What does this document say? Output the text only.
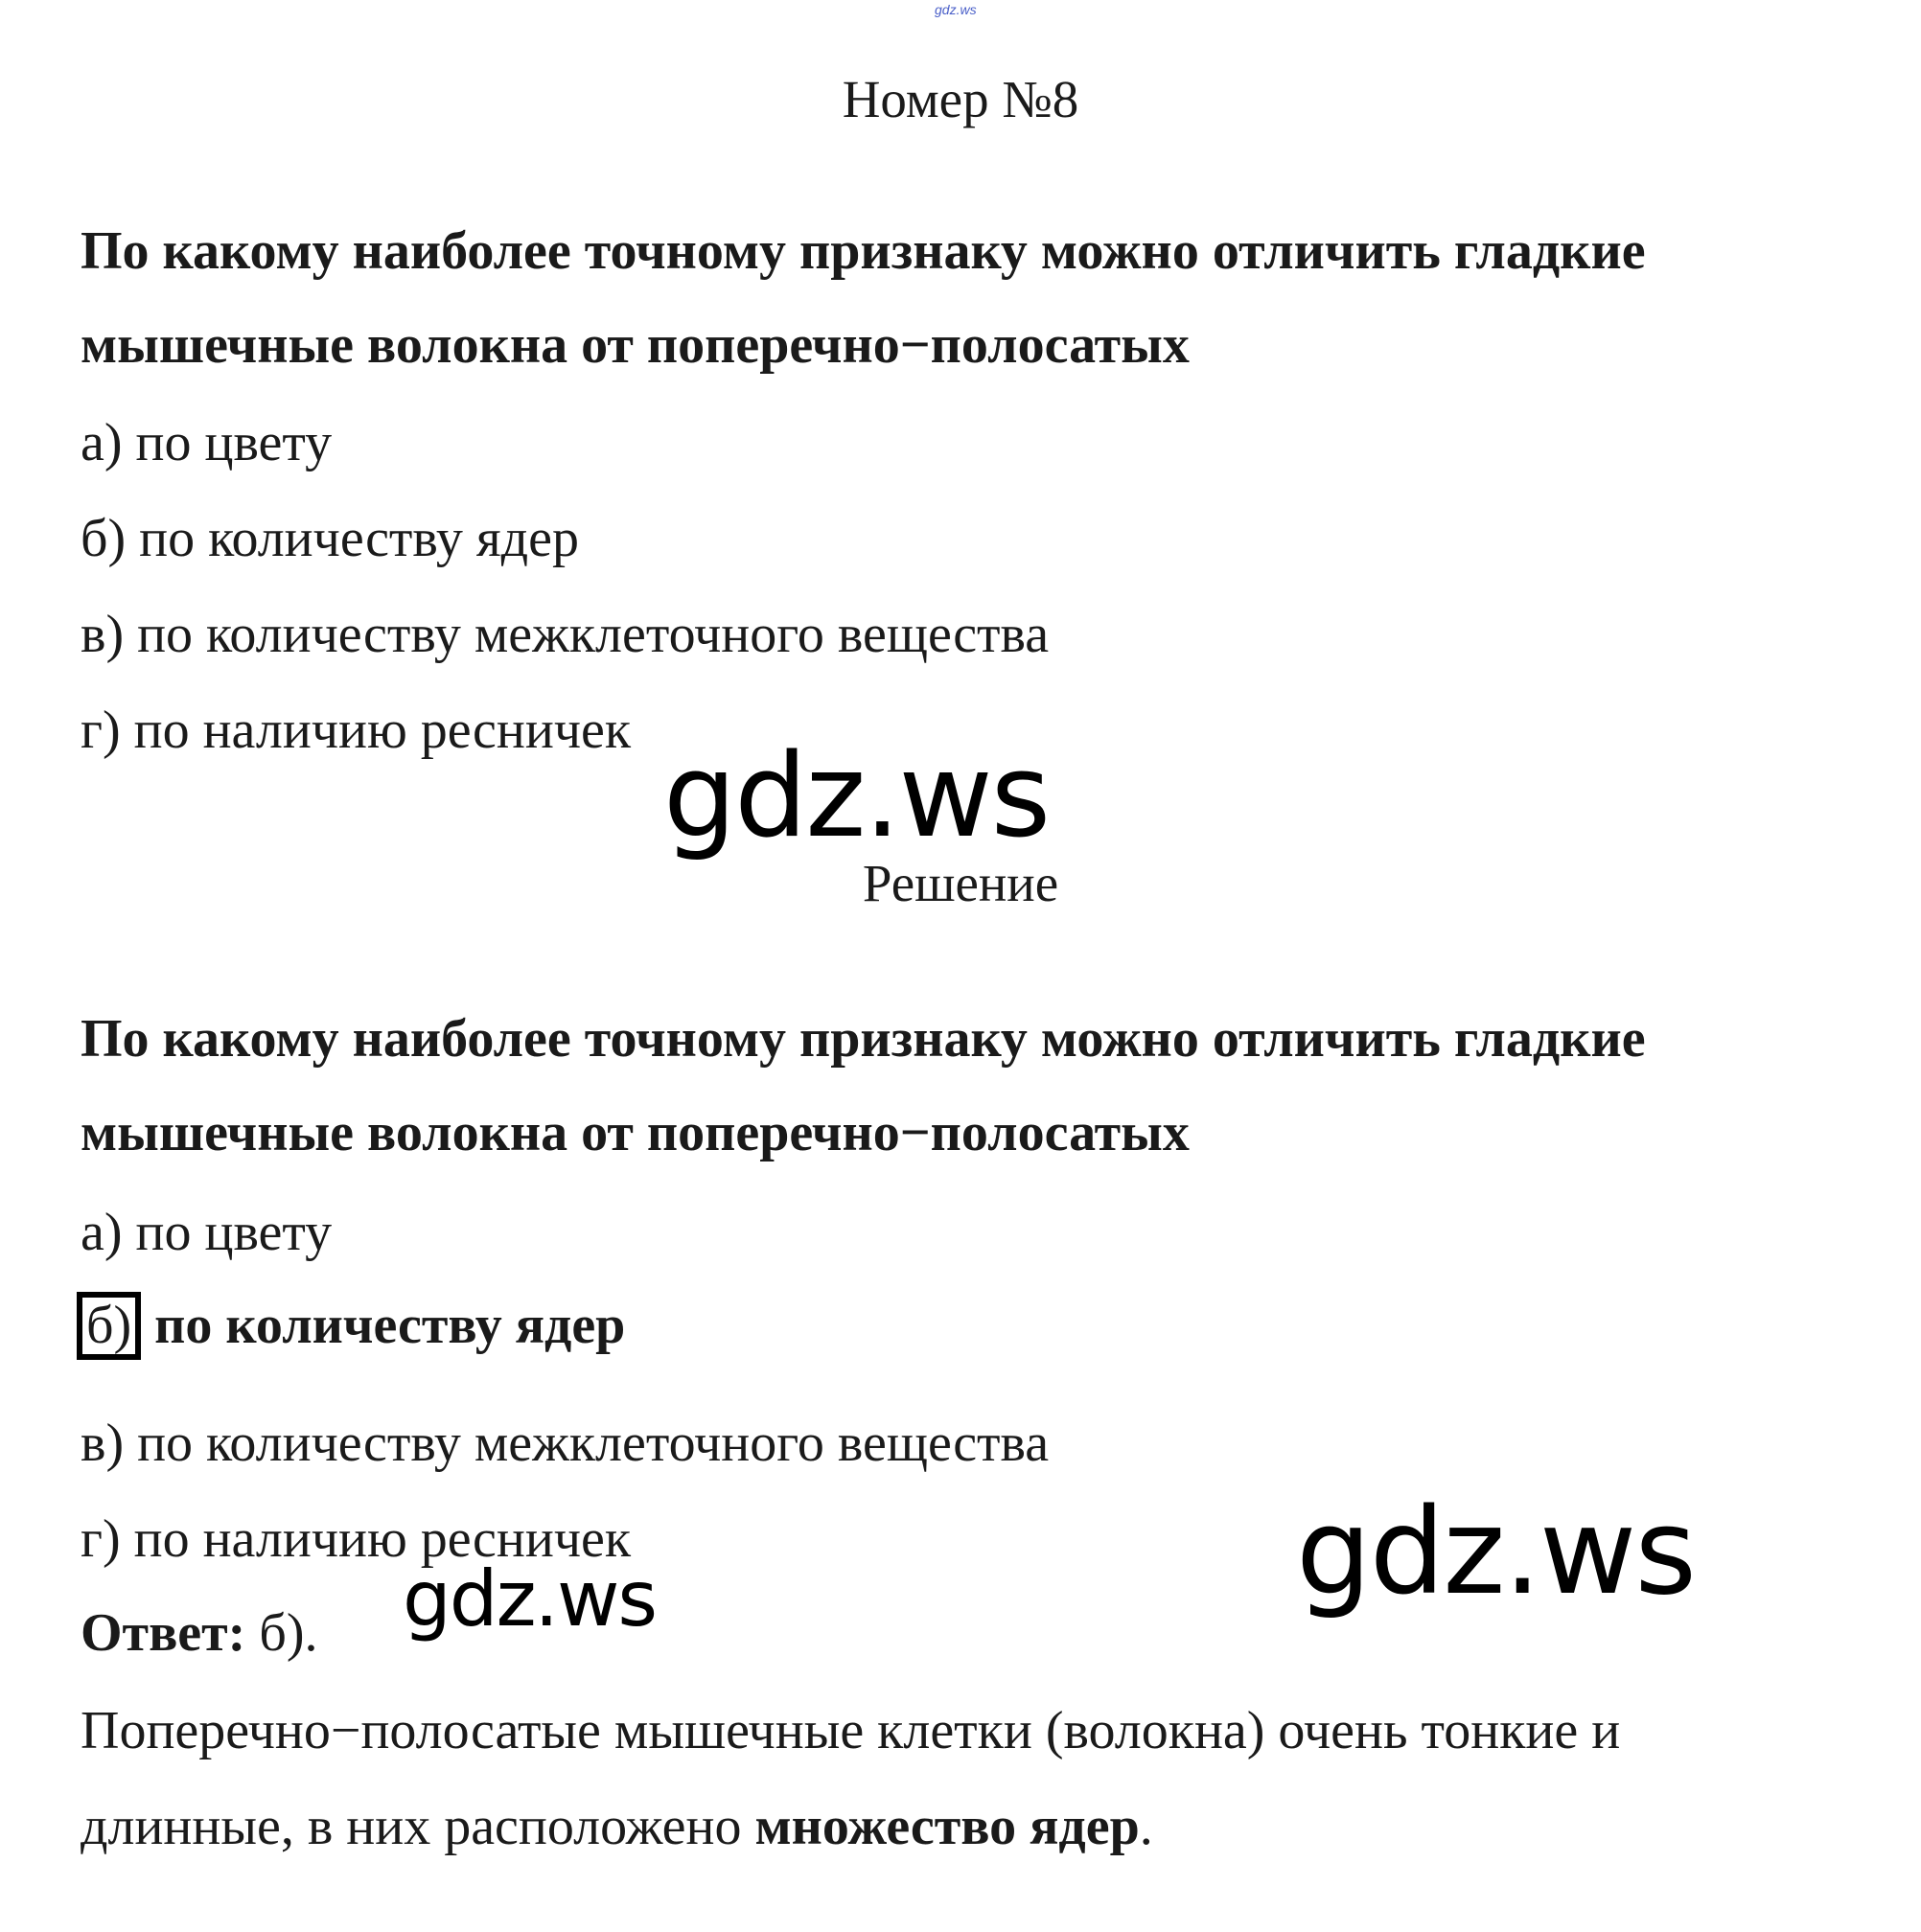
gdz.ws
Номер №8
По какому наиболее точному признаку можно отличить гладкие
мышечные волокна от поперечно−полосатых
а) по цвету
б) по количеству ядер
в) по количеству межклеточного вещества
г) по наличию ресничек gdz.ws
Решение
По какому наиболее точному признаку можно отличить гладкие
мышечные волокна от поперечно−полосатых
а) по цвету
б) по количеству ядер
в) по количеству межклеточного вещества
г) по наличию ресничек	gdz.ws
Ответ: б). gdz.ws
Поперечно−полосатые мышечные клетки (волокна) очень тонкие и
длинные, в них расположено множество ядер.
